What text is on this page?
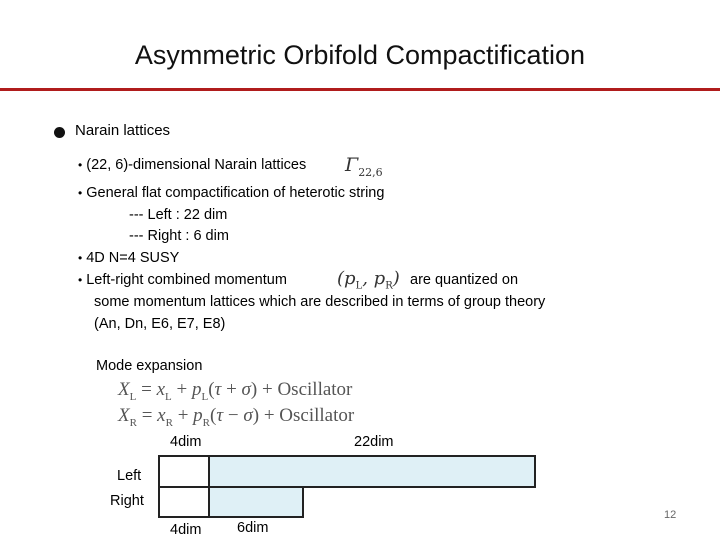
Asymmetric Orbifold Compactification
Narain lattices
• (22, 6)-dimensional Narain lattices $\Gamma_{22,6}$
• General flat compactification of heterotic string
--- Left : 22 dim
--- Right : 6 dim
• 4D N=4 SUSY
• Left-right combined momentum	($p_L$, $p_R$) are quantized on
some momentum lattices which are described in terms of group theory
(An, Dn, E6, E7, E8)
Mode expansion
$X_L = x_L + p_L(\tau + \sigma)$ + Oscillator
$X_R = x_R + p_R(\tau - \sigma)$ + Oscillator
4dim	22dim
Left
Right
4dim 6dim
12
